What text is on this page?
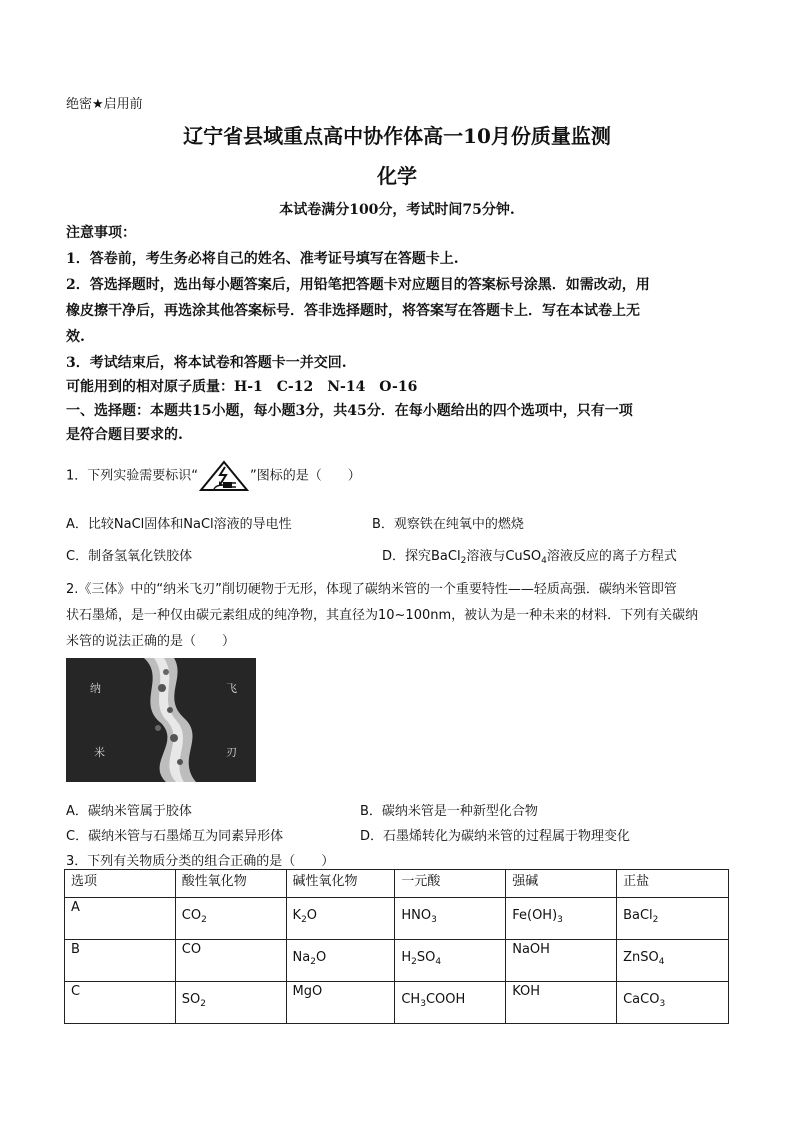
绝密★启用前
辽宁省县域重点高中协作体高一10月份质量监测
化学
本试卷满分100分，考试时间75分钟.
注意事项：
1．答卷前，考生务必将自己的姓名、准考证号填写在答题卡上.
2．答选择题时，选出每小题答案后，用铅笔把答题卡对应题目的答案标号涂黑．如需改动，用
橡皮擦干净后，再选涂其他答案标号．答非选择题时，将答案写在答题卡上．写在本试卷上无
效.
3．考试结束后，将本试卷和答题卡一并交回.
可能用到的相对原子质量：H-1　C-12　N-14　O-16
一、选择题：本题共15小题，每小题3分，共45分．在每小题给出的四个选项中，只有一项
是符合题目要求的.
1．下列实验需要标识“	”图标的是（　　）
A．比较NaCl固体和NaCl溶液的导电性	B．观察铁在纯氧中的燃烧
C．制备氢氧化铁胶体	D．探究BaCl$_2$溶液与CuSO$_4$溶液反应的离子方程式
2.《三体》中的“纳米飞刃”削切硬物于无形，体现了碳纳米管的一个重要特性——轻质高强．碳纳米管即管
状石墨烯，是一种仅由碳元素组成的纯净物，其直径为10~100nm，被认为是一种未来的材料．下列有关碳纳
米管的说法正确的是（　　）
纳	飞
米	刃
A．碳纳米管属于胶体	B．碳纳米管是一种新型化合物
C．碳纳米管与石墨烯互为同素异形体	D．石墨烯转化为碳纳米管的过程属于物理变化
3．下列有关物质分类的组合正确的是（　　）
选项	酸性氧化物	碱性氧化物	一元酸	强碱	正盐

A	$CO_2$	$K_2O$	$HNO_3$	$Fe(OH)_3$	BaCl$_2$

B	CO	$Na_2O$	$H_2SO_4$	NaOH	ZnSO$_4$

C	$SO_2$	MgO	$CH_3COOH$	KOH	CaCO$_3$
